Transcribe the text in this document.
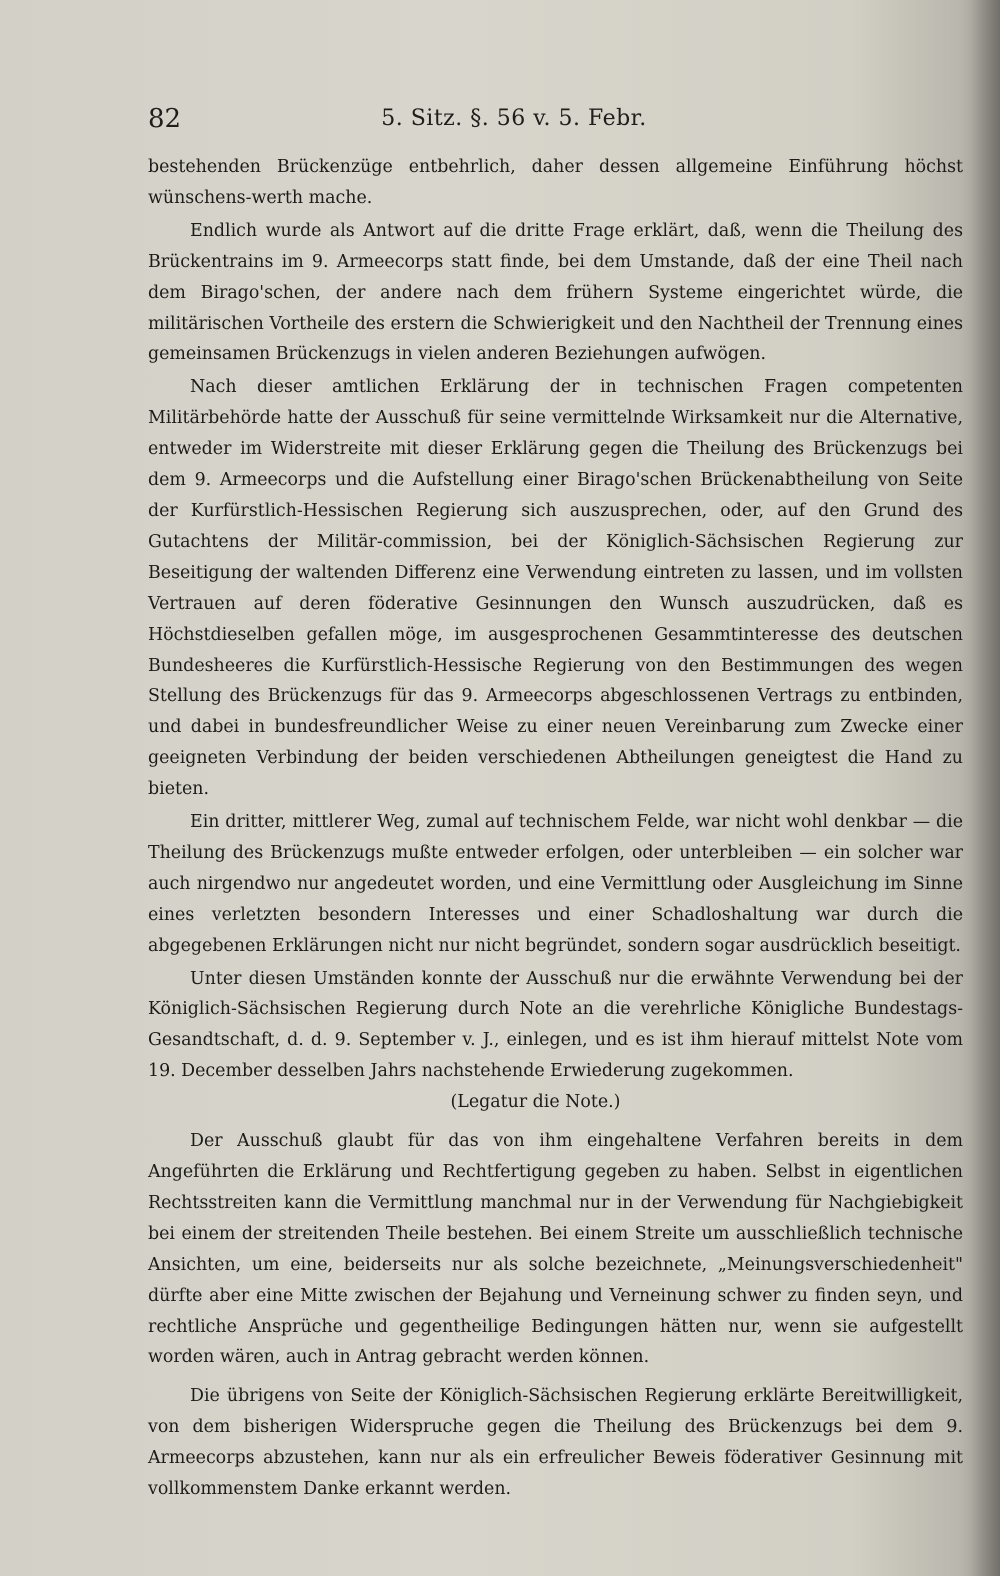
82	5. Sitz. §. 56 v. 5. Febr.

bestehenden Brückenzüge entbehrlich, daher dessen allgemeine Einführung höchst wünschens-werth mache.

Endlich wurde als Antwort auf die dritte Frage erklärt, daß, wenn die Theilung des Brückentrains im 9. Armeecorps statt finde, bei dem Umstande, daß der eine Theil nach dem Birago'schen, der andere nach dem frühern Systeme eingerichtet würde, die militärischen Vortheile des erstern die Schwierigkeit und den Nachtheil der Trennung eines gemeinsamen Brückenzugs in vielen anderen Beziehungen aufwögen.

Nach dieser amtlichen Erklärung der in technischen Fragen competenten Militärbehörde hatte der Ausschuß für seine vermittelnde Wirksamkeit nur die Alternative, entweder im Widerstreite mit dieser Erklärung gegen die Theilung des Brückenzugs bei dem 9. Armeecorps und die Aufstellung einer Birago'schen Brückenabtheilung von Seite der Kurfürstlich-Hessischen Regierung sich auszusprechen, oder, auf den Grund des Gutachtens der Militär-commission, bei der Königlich-Sächsischen Regierung zur Beseitigung der waltenden Differenz eine Verwendung eintreten zu lassen, und im vollsten Vertrauen auf deren föderative Gesinnungen den Wunsch auszudrücken, daß es Höchstdieselben gefallen möge, im ausgesprochenen Gesammtinteresse des deutschen Bundesheeres die Kurfürstlich-Hessische Regierung von den Bestimmungen des wegen Stellung des Brückenzugs für das 9. Armeecorps abgeschlossenen Vertrags zu entbinden, und dabei in bundesfreundlicher Weise zu einer neuen Vereinbarung zum Zwecke einer geeigneten Verbindung der beiden verschiedenen Abtheilungen geneigtest die Hand zu bieten.

Ein dritter, mittlerer Weg, zumal auf technischem Felde, war nicht wohl denkbar — die Theilung des Brückenzugs mußte entweder erfolgen, oder unterbleiben — ein solcher war auch nirgendwo nur angedeutet worden, und eine Vermittlung oder Ausgleichung im Sinne eines verletzten besondern Interesses und einer Schadloshaltung war durch die abgegebenen Erklärungen nicht nur nicht begründet, sondern sogar ausdrücklich beseitigt.

Unter diesen Umständen konnte der Ausschuß nur die erwähnte Verwendung bei der Königlich-Sächsischen Regierung durch Note an die verehrliche Königliche Bundestags-Gesandtschaft, d. d. 9. September v. J., einlegen, und es ist ihm hierauf mittelst Note vom 19. December desselben Jahrs nachstehende Erwiederung zugekommen.

(Legatur die Note.)

Der Ausschuß glaubt für das von ihm eingehaltene Verfahren bereits in dem Angeführten die Erklärung und Rechtfertigung gegeben zu haben. Selbst in eigentlichen Rechtsstreiten kann die Vermittlung manchmal nur in der Verwendung für Nachgiebigkeit bei einem der streitenden Theile bestehen. Bei einem Streite um ausschließlich technische Ansichten, um eine, beiderseits nur als solche bezeichnete, „Meinungsverschiedenheit" dürfte aber eine Mitte zwischen der Bejahung und Verneinung schwer zu finden seyn, und rechtliche Ansprüche und gegentheilige Bedingungen hätten nur, wenn sie aufgestellt worden wären, auch in Antrag gebracht werden können.

Die übrigens von Seite der Königlich-Sächsischen Regierung erklärte Bereitwilligkeit, von dem bisherigen Widerspruche gegen die Theilung des Brückenzugs bei dem 9. Armeecorps abzustehen, kann nur als ein erfreulicher Beweis föderativer Gesinnung mit vollkommenstem Danke erkannt werden.
